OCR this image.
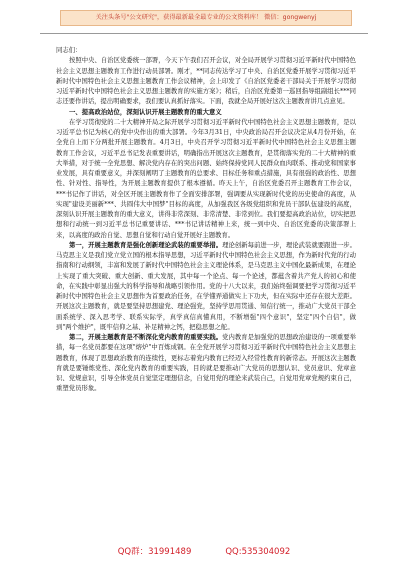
关注头条号"公文研究"，获得最新最全最专业的公文资料库！ 微信：gongwenyj

同志们：

按照中央、自治区党委统一部署，今天下午我们召开会议，对全局开展学习贯彻习近平新时代中国特色社会主义思想主题教育工作进行动员部署。刚才，**同志传达学习了中央、自治区党委开展学习贯彻习近平新时代中国特色社会主义思想主题教育工作会议精神，会上印发了《自治区党委老干部局关于开展学习贯彻习近平新时代中国特色社会主义思想主题教育的实施方案》；稍后，自治区党委第一巡回指导组副组长***同志还要作讲话，提出明确要求，我们要认真抓好落实。下面，我就全局开展好这次主题教育讲几点意见。

一、提高政治站位，深刻认识开展主题教育的重大意义

在学习贯彻党的二十大精神开局之际开展学习贯彻习近平新时代中国特色社会主义思想主题教育，是以习近平总书记为核心的党中央作出的重大部署。今年3月31日，中央政治局召开会议决定从4月份开始，在全党自上而下分两批开展主题教育。4月3日，中央召开学习贯彻习近平新时代中国特色社会主义思想主题教育工作会议，习近平总书记发表重要讲话，明确指出开展这次主题教育，是贯彻落实党的二十大精神的重大举措，对于统一全党思想、解决党内存在的突出问题、始终保持党同人民群众血肉联系、推动党和国家事业发展，具有重要意义，并深刻阐明了主题教育的总要求、目标任务和重点措施，具有很强的政治性、思想性、针对性、指导性，为开展主题教育提供了根本遵循。昨天上午，自治区党委召开主题教育工作会议，***书记作了讲话，对全区开展主题教育作了全面安排部署，强调要从实现新时代党的历史使命的高度，从实现"建设美丽新***、共圆伟大中国梦"目标的高度，从加强我区各级党组织和党员干部队伍建设的高度，深刻认识开展主题教育的重大意义，讲得非常深刻、非常清楚、非常到位。我们要提高政治站位，切实把思想和行动统一到习近平总书记重要讲话、***书记讲话精神上来，统一到中央、自治区党委的决策部署上来，以高度的政治自觉、思想自觉和行动自觉开展好主题教育。

第一，开展主题教育是强化创新理论武装的重要举措。理论创新每前进一步，理论武装就要跟进一步。马克思主义是我们党立党立国的根本指导思想，习近平新时代中国特色社会主义思想，作为新时代党的行动指南和行动纲领，丰富和发展了新时代中国特色社会主义理论体系，是马克思主义中国化最新成果，在理论上实现了重大突破、重大创新、重大发展，其中每一个论点、每一个论述，都蕴含着共产党人的初心和使命，在实践中彰显出强大的科学指导和战略引领作用。党的十八大以来，我们始终强调要把学习贯彻习近平新时代中国特色社会主义思想作为首要政治任务，在学懂弄通做实上下功夫，但在实际中还存在很大差距。开展这次主题教育，就是要坚持思想建党、理论强党，坚持学思用贯通、知信行统一，推动广大党员干部全面系统学、深入思考学、联系实际学，真学真信真懂真用，不断增强"四个意识"，坚定"四个自信"，做到"两个维护"，既牢信仰之基、补足精神之钙，把稳思想之舵。

第二，开展主题教育是不断深化党内教育的重要实践。党内教育是加强党的思想政治建设的一项重要举措，每一名党员都要在这项"熔炉"中百炼成钢。在全党开展学习贯彻习近平新时代中国特色社会主义思想主题教育，体现了思想政治教育的连续性，更标志着党内教育已经迈入经常性教育的新常态。开展这次主题教育就是要锤炼党性、深化党内教育的重要实践，目的就是要推动广大党员的思想认识、党员意识、党章意识、党规意识，引导全体党员自觉坚定理想信念，自觉用党的理论来武装自己，自觉用党章党规约束自己，重塑党员形象。

QQ群：31991489	QQ:535304092
